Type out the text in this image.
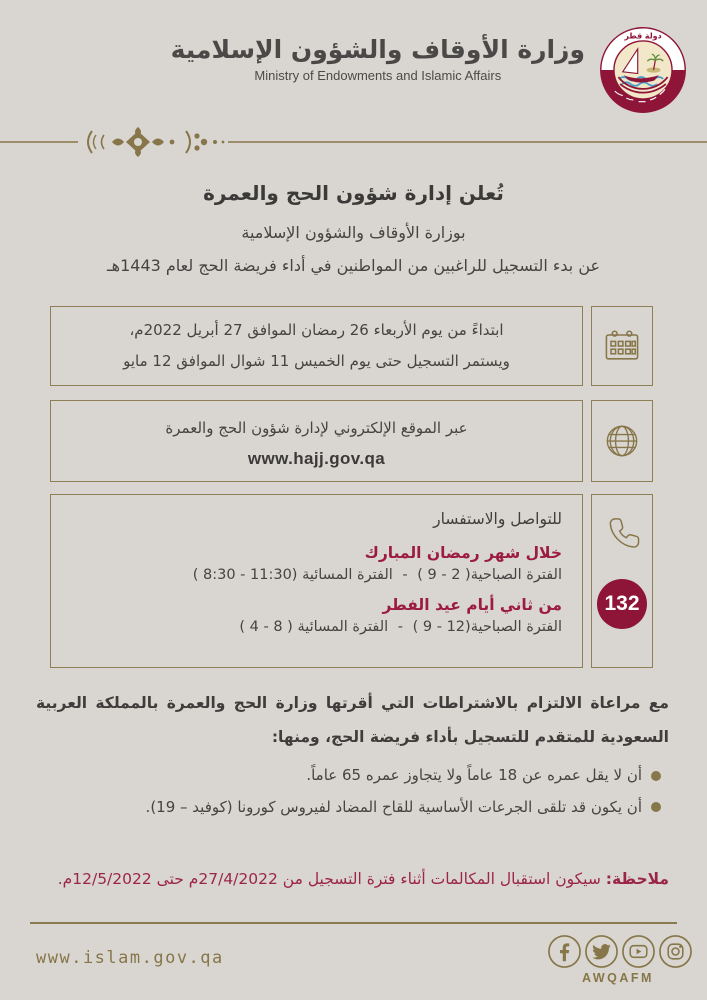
وزارة الأوقاف والشؤون الإسلامية
Ministry of Endowments and Islamic Affairs
دولة قطر
تُعلن إدارة شؤون الحج والعمرة
بوزارة الأوقاف والشؤون الإسلامية
عن بدء التسجيل للراغبين من المواطنين في أداء فريضة الحج لعام 1443هـ
ابتداءً من يوم الأربعاء 26 رمضان الموافق 27 أبريل 2022م،
ويستمر التسجيل حتى يوم الخميس 11 شوال الموافق 12 مايو
عبر الموقع الإلكتروني لإدارة شؤون الحج والعمرة
www.hajj.gov.qa
للتواصل والاستفسار
خلال شهر رمضان المبارك
الفترة الصباحية( 9 - 2 ) - الفترة المسائية ( 8:30 - 11:30)
من ثاني أيام عيد الفطر
الفترة الصباحية( 9 - 12) - الفترة المسائية ( 4 - 8 )
132
مع مراعاة الالتزام بالاشتراطات التي أقرتها وزارة الحج والعمرة بالمملكة العربية السعودية للمتقدم للتسجيل بأداء فريضة الحج، ومنها:
أن لا يقل عمره عن 18 عاماً ولا يتجاوز عمره 65 عاماً.
أن يكون قد تلقى الجرعات الأساسية للقاح المضاد لفيروس كورونا (كوفيد – 19).
ملاحظة: سيكون استقبال المكالمات أثناء فترة التسجيل من 27/4/2022م حتى 12/5/2022م.
www.islam.gov.qa
AWQAFM
